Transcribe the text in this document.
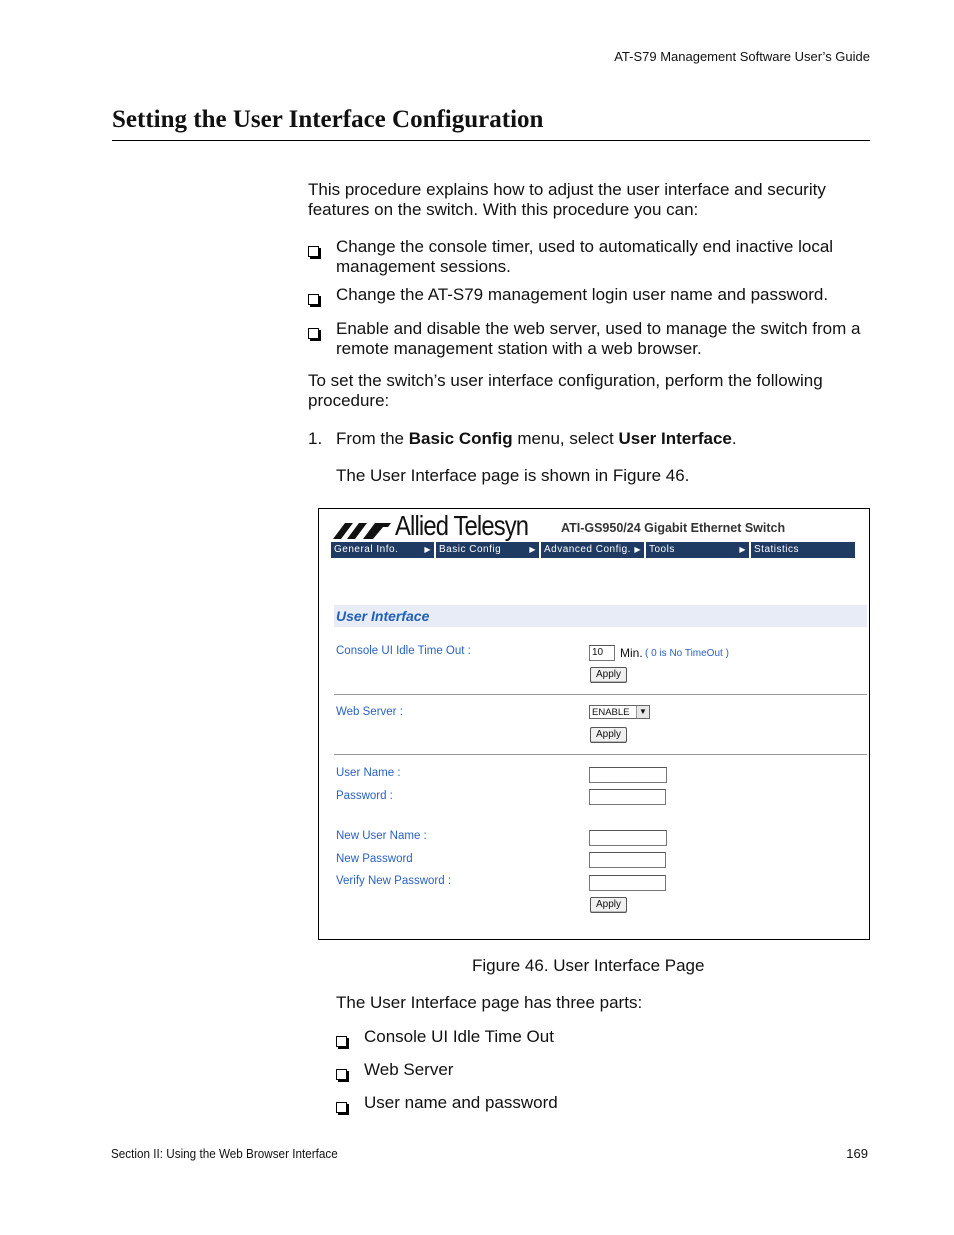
AT-S79 Management Software User’s Guide
Setting the User Interface Configuration
This procedure explains how to adjust the user interface and security features on the switch. With this procedure you can:
Change the console timer, used to automatically end inactive local management sessions.
Change the AT-S79 management login user name and password.
Enable and disable the web server, used to manage the switch from a remote management station with a web browser.
To set the switch’s user interface configuration, perform the following procedure:
1. From the Basic Config menu, select User Interface.
The User Interface page is shown in Figure 46.
Allied Telesyn	ATI-GS950/24 Gigabit Ethernet Switch
General Info.	▶ Basic Config	▶ Advanced Config. ▶ Tools	▶ Statistics
User Interface
Console UI Idle Time Out :	10	Min. ( 0 is No TimeOut )
Apply
Web Server :	ENABLE	▼
Apply
User Name :
Password :
New User Name :
New Password
Verify New Password :
Apply
Figure 46. User Interface Page
The User Interface page has three parts:
Console UI Idle Time Out
Web Server
User name and password
Section II: Using the Web Browser Interface	169
